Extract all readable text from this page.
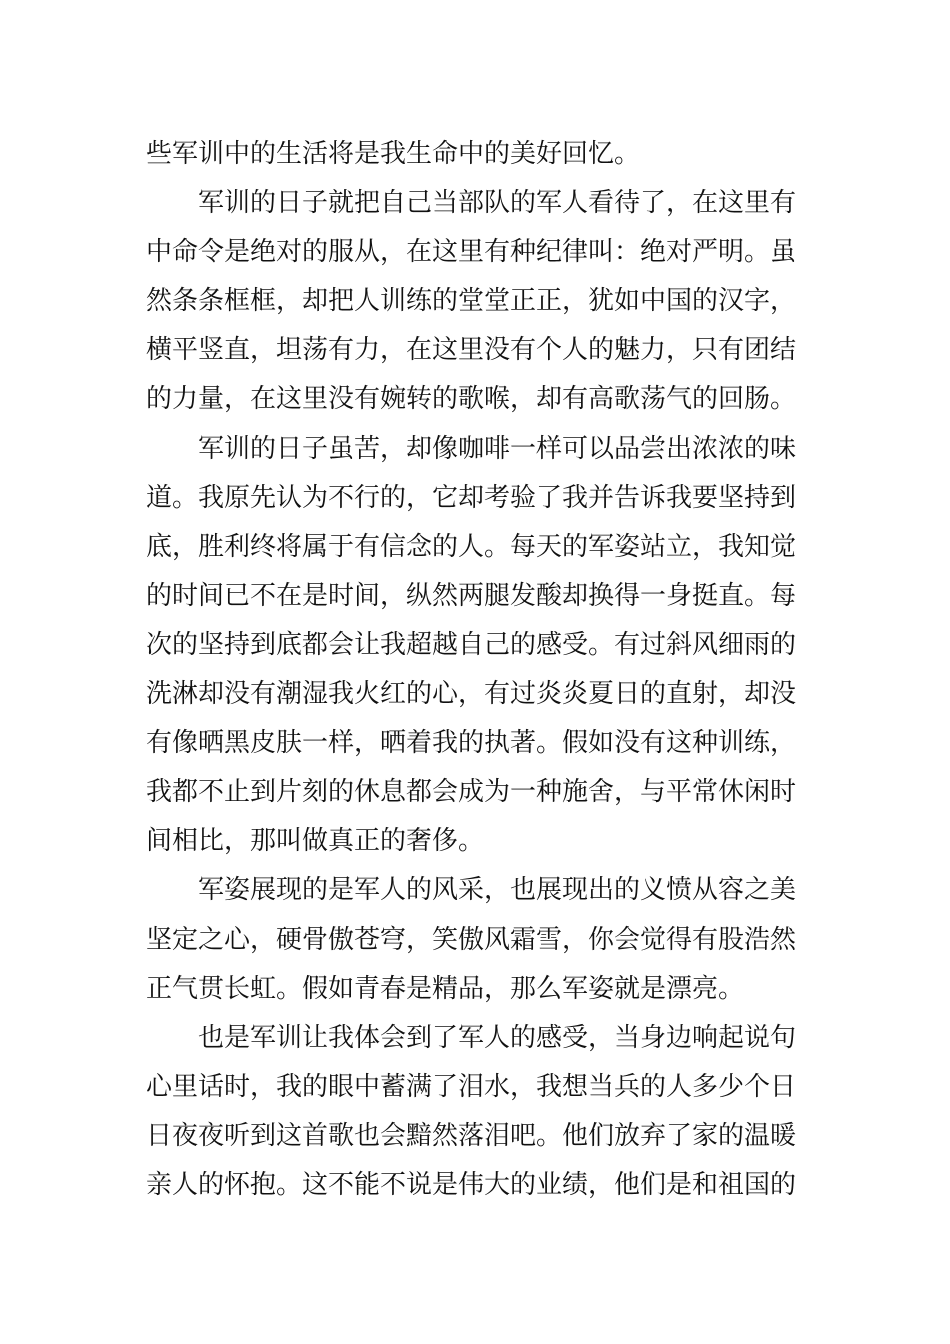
些军训中的生活将是我生命中的美好回忆。
　　军训的日子就把自己当部队的军人看待了，在这里有
中命令是绝对的服从，在这里有种纪律叫：绝对严明。虽
然条条框框，却把人训练的堂堂正正，犹如中国的汉字，
横平竖直，坦荡有力，在这里没有个人的魅力，只有团结
的力量，在这里没有婉转的歌喉，却有高歌荡气的回肠。
　　军训的日子虽苦，却像咖啡一样可以品尝出浓浓的味
道。我原先认为不行的，它却考验了我并告诉我要坚持到
底，胜利终将属于有信念的人。每天的军姿站立，我知觉
的时间已不在是时间，纵然两腿发酸却换得一身挺直。每
次的坚持到底都会让我超越自己的感受。有过斜风细雨的
洗淋却没有潮湿我火红的心，有过炎炎夏日的直射，却没
有像晒黑皮肤一样，晒着我的执著。假如没有这种训练，
我都不止到片刻的休息都会成为一种施舍，与平常休闲时
间相比，那叫做真正的奢侈。
　　军姿展现的是军人的风采，也展现出的义愤从容之美
坚定之心，硬骨傲苍穹，笑傲风霜雪，你会觉得有股浩然
正气贯长虹。假如青春是精品，那么军姿就是漂亮。
　　也是军训让我体会到了军人的感受，当身边响起说句
心里话时，我的眼中蓄满了泪水，我想当兵的人多少个日
日夜夜听到这首歌也会黯然落泪吧。他们放弃了家的温暖
亲人的怀抱。这不能不说是伟大的业绩，他们是和祖国的
